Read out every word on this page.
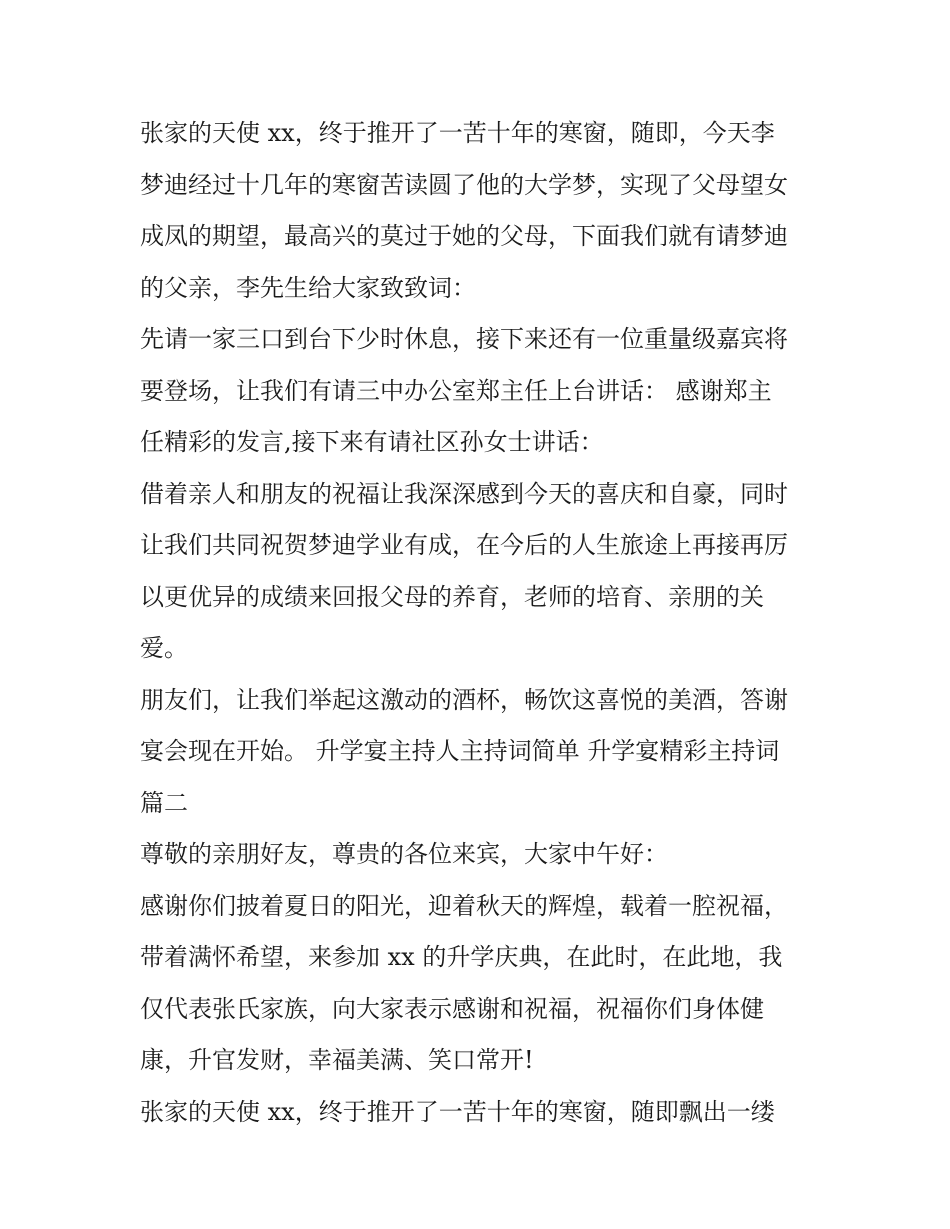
张家的天使 xx，终于推开了一苦十年的寒窗，随即，今天李
梦迪经过十几年的寒窗苦读圆了他的大学梦，实现了父母望女
成凤的期望，最高兴的莫过于她的父母，下面我们就有请梦迪
的父亲，李先生给大家致致词：
先请一家三口到台下少时休息，接下来还有一位重量级嘉宾将
要登场，让我们有请三中办公室郑主任上台讲话： 感谢郑主
任精彩的发言,接下来有请社区孙女士讲话：
借着亲人和朋友的祝福让我深深感到今天的喜庆和自豪，同时
让我们共同祝贺梦迪学业有成，在今后的人生旅途上再接再厉
以更优异的成绩来回报父母的养育，老师的培育、亲朋的关
爱。
朋友们，让我们举起这激动的酒杯，畅饮这喜悦的美酒，答谢
宴会现在开始。 升学宴主持人主持词简单 升学宴精彩主持词
篇二
尊敬的亲朋好友，尊贵的各位来宾，大家中午好：
感谢你们披着夏日的阳光，迎着秋天的辉煌，载着一腔祝福，
带着满怀希望，来参加 xx 的升学庆典，在此时，在此地，我
仅代表张氏家族，向大家表示感谢和祝福，祝福你们身体健
康，升官发财，幸福美满、笑口常开!
张家的天使 xx，终于推开了一苦十年的寒窗，随即飘出一缕
